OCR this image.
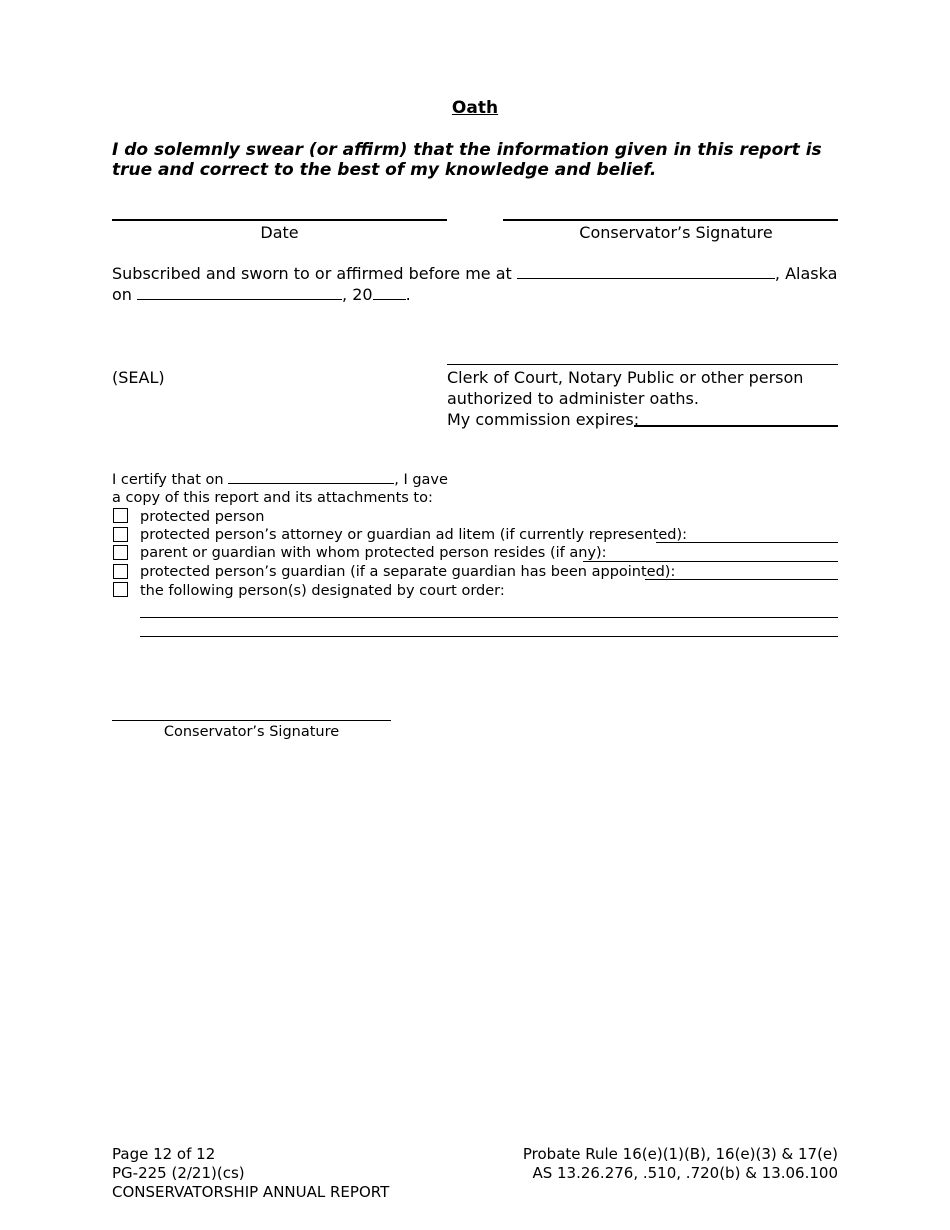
Oath
I do solemnly swear (or affirm) that the information given in this report is true and correct to the best of my knowledge and belief.
Date	Conservator’s Signature
Subscribed and sworn to or affirmed before me at	, Alaska
on	, 20 .
(SEAL)	Clerk of Court, Notary Public or other person
authorized to administer oaths.
My commission expires:
I certify that on	, I gave
a copy of this report and its attachments to:
protected person
protected person’s attorney or guardian ad litem (if currently represented):
parent or guardian with whom protected person resides (if any):
protected person’s guardian (if a separate guardian has been appointed):
the following person(s) designated by court order:
Conservator’s Signature
Page 12 of 12
PG-225 (2/21)(cs)
CONSERVATORSHIP ANNUAL REPORT
Probate Rule 16(e)(1)(B), 16(e)(3) & 17(e)
AS 13.26.276, .510, .720(b) & 13.06.100
